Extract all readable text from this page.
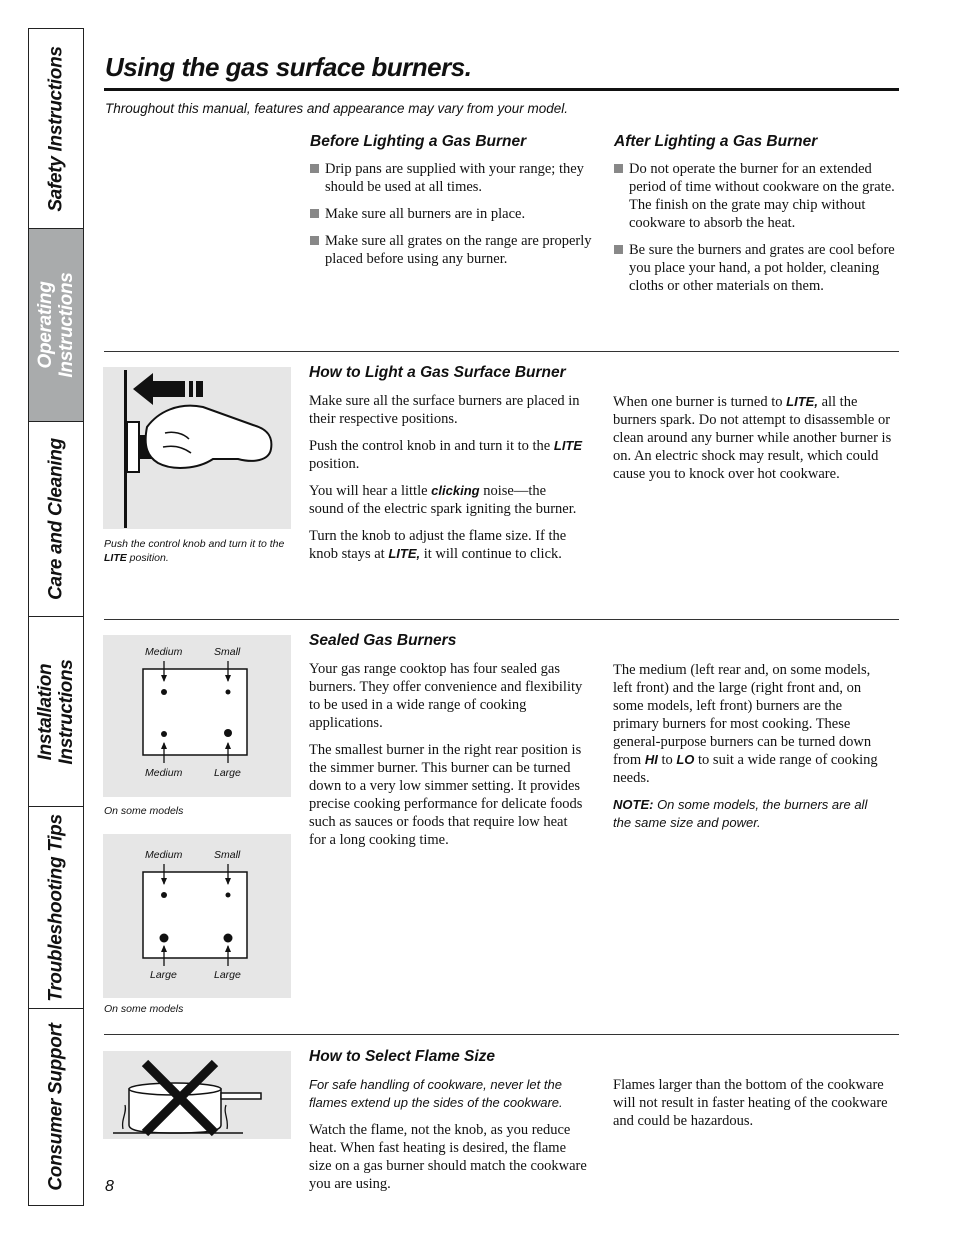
Safety Instructions
Operating
Instructions
Care and Cleaning
Installation
Instructions
Troubleshooting Tips
Consumer Support
Using the gas surface burners.
Throughout this manual, features and appearance may vary from your model.
Before Lighting a Gas Burner
Drip pans are supplied with your range; they should be used at all times.
Make sure all burners are in place.
Make sure all grates on the range are properly placed before using any burner.
After Lighting a Gas Burner
Do not operate the burner for an extended period of time without cookware on the grate. The finish on the grate may chip without cookware to absorb the heat.
Be sure the burners and grates are cool before you place your hand, a pot holder, cleaning cloths or other materials on them.
Push the control knob and turn it to the LITE position.
How to Light a Gas Surface Burner

Make sure all the surface burners are placed in their respective positions.

Push the control knob in and turn it to the LITE position.

You will hear a little clicking noise—the sound of the electric spark igniting the burner.

Turn the knob to adjust the flame size. If the knob stays at LITE, it will continue to click.

When one burner is turned to LITE, all the burners spark. Do not attempt to disassemble or clean around any burner while another burner is on. An electric shock may result, which could cause you to knock over hot cookware.

Medium	Small
Medium	Large
On some models
Medium	Small
Large	Large
On some models
Sealed Gas Burners

Your gas range cooktop has four sealed gas burners. They offer convenience and flexibility to be used in a wide range of cooking applications.

The smallest burner in the right rear position is the simmer burner. This burner can be turned down to a very low simmer setting. It provides precise cooking performance for delicate foods such as sauces or foods that require low heat for a long cooking time.

The medium (left rear and, on some models, left front) and the large (right front and, on some models, left front) burners are the primary burners for most cooking. These general-purpose burners can be turned down from HI to LO to suit a wide range of cooking needs.

NOTE: On some models, the burners are all the same size and power.

How to Select Flame Size

For safe handling of cookware, never let the flames extend up the sides of the cookware.

Watch the flame, not the knob, as you reduce heat. When fast heating is desired, the flame size on a gas burner should match the cookware you are using.

Flames larger than the bottom of the cookware will not result in faster heating of the cookware and could be hazardous.

8
